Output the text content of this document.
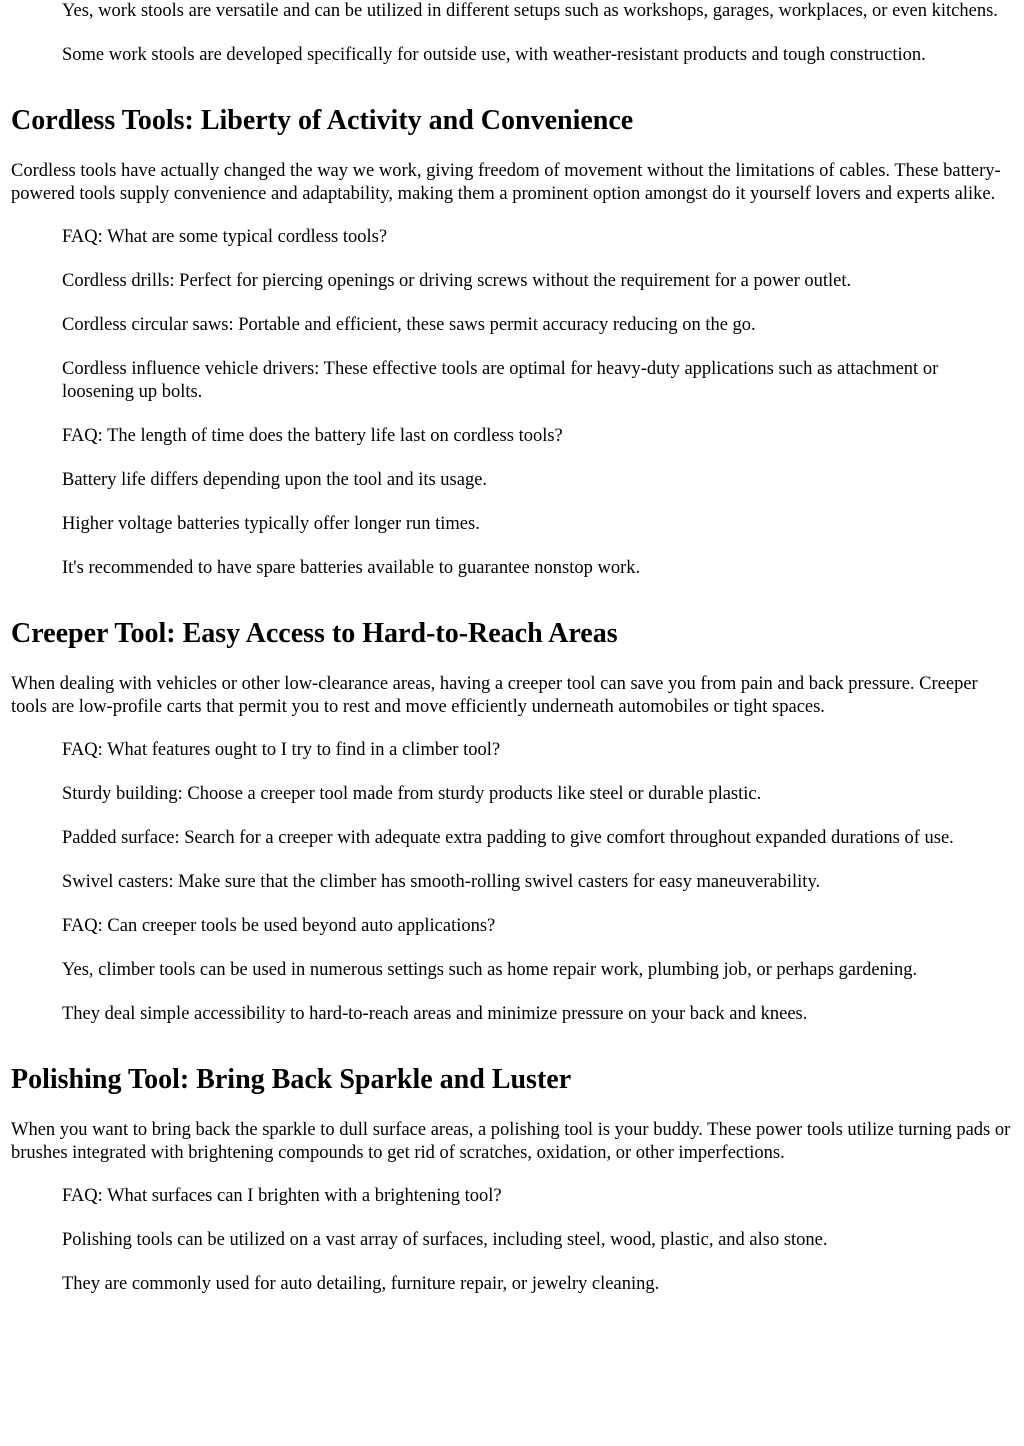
Yes, work stools are versatile and can be utilized in different setups such as workshops, garages, workplaces, or even kitchens.

Some work stools are developed specifically for outside use, with weather-resistant products and tough construction.

Cordless Tools: Liberty of Activity and Convenience

Cordless tools have actually changed the way we work, giving freedom of movement without the limitations of cables. These battery-powered tools supply convenience and adaptability, making them a prominent option amongst do it yourself lovers and experts alike.

FAQ: What are some typical cordless tools?

Cordless drills: Perfect for piercing openings or driving screws without the requirement for a power outlet.

Cordless circular saws: Portable and efficient, these saws permit accuracy reducing on the go.

Cordless influence vehicle drivers: These effective tools are optimal for heavy-duty applications such as attachment or loosening up bolts.

FAQ: The length of time does the battery life last on cordless tools?

Battery life differs depending upon the tool and its usage.

Higher voltage batteries typically offer longer run times.

It's recommended to have spare batteries available to guarantee nonstop work.

Creeper Tool: Easy Access to Hard-to-Reach Areas

When dealing with vehicles or other low-clearance areas, having a creeper tool can save you from pain and back pressure. Creeper tools are low-profile carts that permit you to rest and move efficiently underneath automobiles or tight spaces.

FAQ: What features ought to I try to find in a climber tool?

Sturdy building: Choose a creeper tool made from sturdy products like steel or durable plastic.

Padded surface: Search for a creeper with adequate extra padding to give comfort throughout expanded durations of use.

Swivel casters: Make sure that the climber has smooth-rolling swivel casters for easy maneuverability.

FAQ: Can creeper tools be used beyond auto applications?

Yes, climber tools can be used in numerous settings such as home repair work, plumbing job, or perhaps gardening.

They deal simple accessibility to hard-to-reach areas and minimize pressure on your back and knees.

Polishing Tool: Bring Back Sparkle and Luster

When you want to bring back the sparkle to dull surface areas, a polishing tool is your buddy. These power tools utilize turning pads or brushes integrated with brightening compounds to get rid of scratches, oxidation, or other imperfections.

FAQ: What surfaces can I brighten with a brightening tool?

Polishing tools can be utilized on a vast array of surfaces, including steel, wood, plastic, and also stone.

They are commonly used for auto detailing, furniture repair, or jewelry cleaning.
